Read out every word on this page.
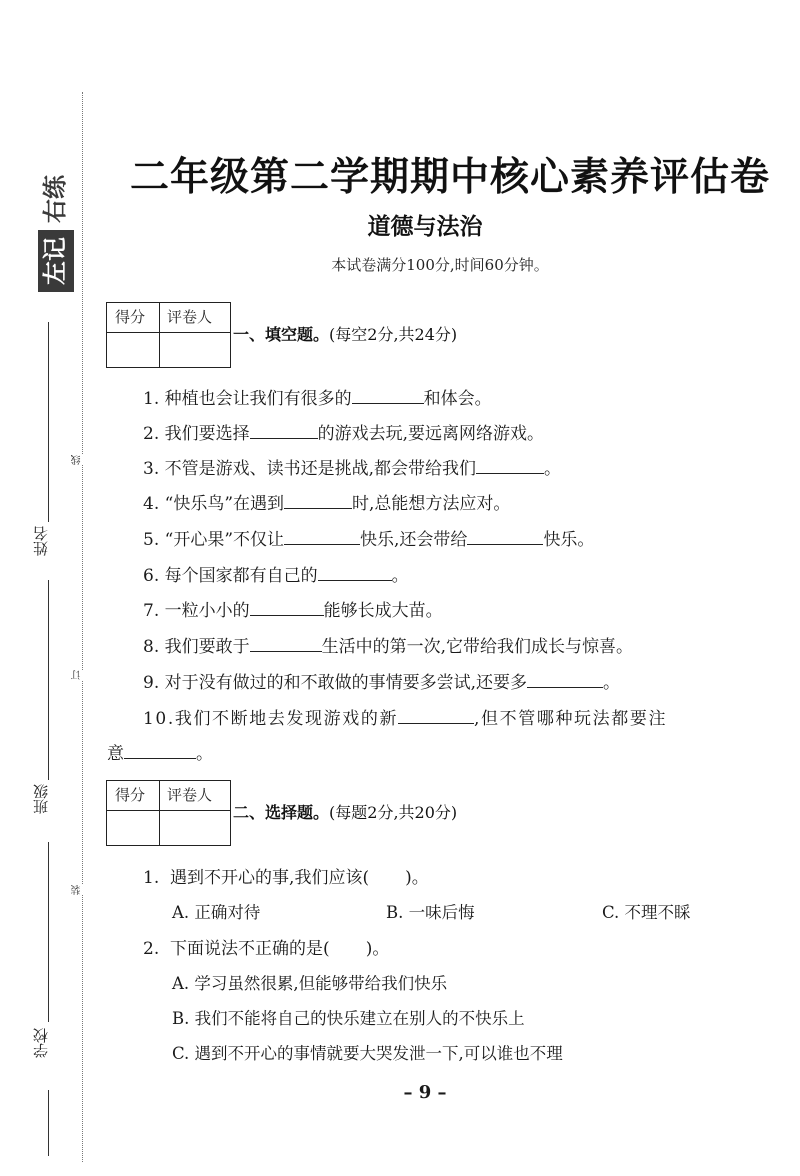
左记
右练
姓名
班级
学校
线
订
装
二年级第二学期期中核心素养评估卷
道德与法治
本试卷满分100分,时间60分钟。
得分 评卷人
一、填空题。(每空2分,共24分)
1. 种植也会让我们有很多的	和体会。
2. 我们要选择	的游戏去玩,要远离网络游戏。
3. 不管是游戏、读书还是挑战,都会带给我们	。
4. “快乐鸟”在遇到	时,总能想方法应对。
5. “开心果”不仅让	快乐,还会带给	快乐。
6. 每个国家都有自己的	。
7. 一粒小小的	能够长成大苗。
8. 我们要敢于	生活中的第一次,它带给我们成长与惊喜。
9. 对于没有做过的和不敢做的事情要多尝试,还要多	。
10.我们不断地去发现游戏的新	,但不管哪种玩法都要注
意	。
得分 评卷人
二、选择题。(每题2分,共20分)
1. 遇到不开心的事,我们应该( )。
A. 正确对待	B. 一味后悔	C. 不理不睬
2. 下面说法不正确的是( )。
A. 学习虽然很累,但能够带给我们快乐
B. 我们不能将自己的快乐建立在别人的不快乐上
C. 遇到不开心的事情就要大哭发泄一下,可以谁也不理
– 9 –
